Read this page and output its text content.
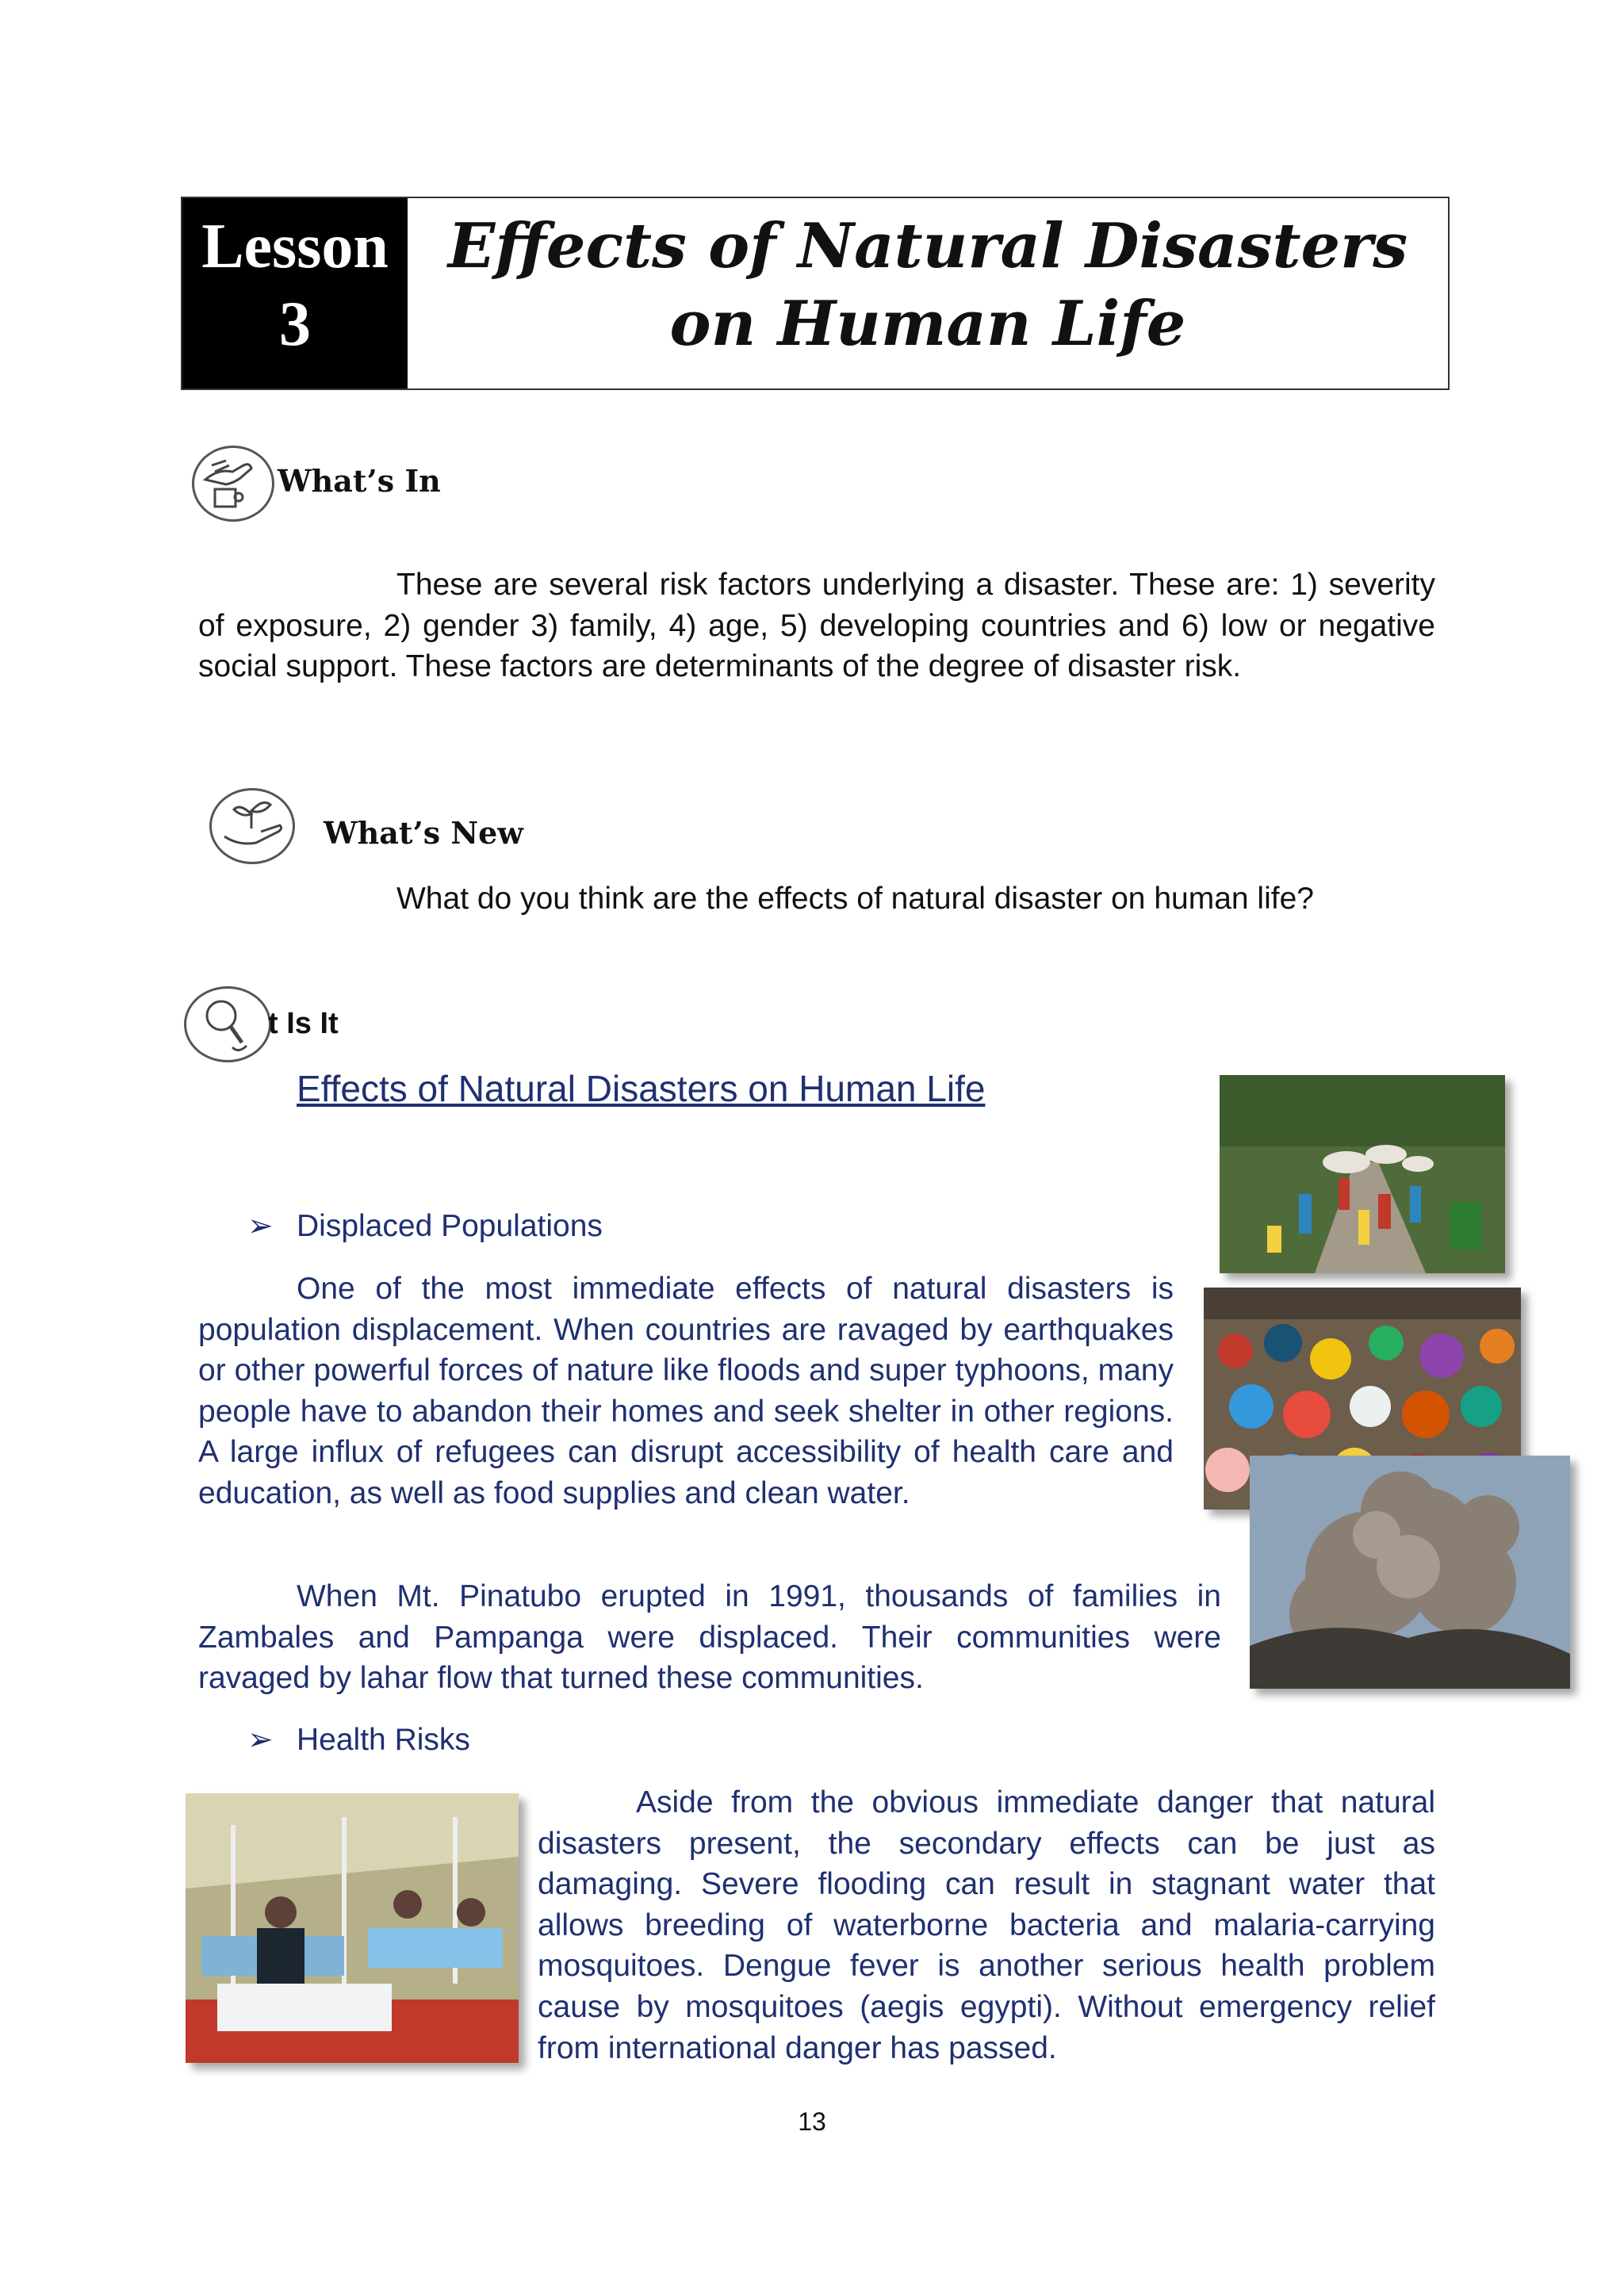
Lesson
3
Effects of Natural Disasters
on Human Life
What’s In
These are several risk factors underlying a disaster. These are: 1) severity of exposure, 2) gender 3) family, 4) age, 5) developing countries and 6) low or negative social support. These factors are determinants of the degree of disaster risk.
What’s New
What do you think are the effects of natural disaster on human life?
t Is It
Effects of Natural Disasters on Human Life
➢ Displaced Populations
One of the most immediate effects of natural disasters is population displacement. When countries are ravaged by earthquakes or other powerful forces of nature like floods and super typhoons, many people have to abandon their homes and seek shelter in other regions. A large influx of refugees can disrupt accessibility of health care and education, as well as food supplies and clean water.
When Mt. Pinatubo erupted in 1991, thousands of families in Zambales and Pampanga were displaced. Their communities were ravaged by lahar flow that turned these communities.
➢ Health Risks
Aside from the obvious immediate danger that natural disasters present, the secondary effects can be just as damaging. Severe flooding can result in stagnant water that allows breeding of waterborne bacteria and malaria-carrying mosquitoes. Dengue fever is another serious health problem cause by mosquitoes (aegis egypti). Without emergency relief from international danger has passed.
13
